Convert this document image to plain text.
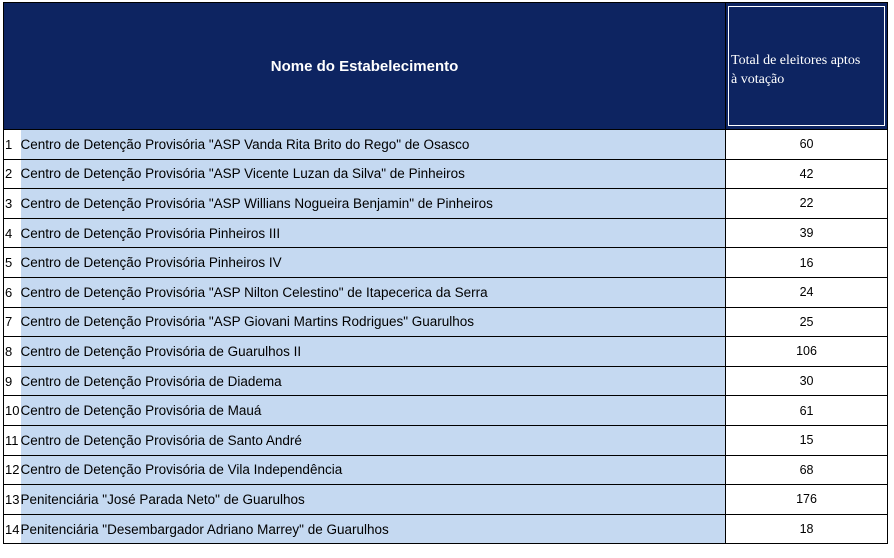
Nome do Estabelecimento		Total de eleitores aptos
à votação

1	Centro de Detenção Provisória "ASP Vanda Rita Brito do Rego" de Osasco	60
2	Centro de Detenção Provisória "ASP Vicente Luzan da Silva" de Pinheiros	42
3	Centro de Detenção Provisória "ASP Willians Nogueira Benjamin" de Pinheiros	22
4	Centro de Detenção Provisória Pinheiros III	39
5	Centro de Detenção Provisória Pinheiros IV	16
6	Centro de Detenção Provisória "ASP Nilton Celestino" de Itapecerica da Serra	24
7	Centro de Detenção Provisória "ASP Giovani Martins Rodrigues" Guarulhos	25
8	Centro de Detenção Provisória de Guarulhos II	106
9	Centro de Detenção Provisória de Diadema	30
10	Centro de Detenção Provisória de Mauá	61
11	Centro de Detenção Provisória de Santo André	15
12	Centro de Detenção Provisória de Vila Independência	68
13	Penitenciária "José Parada Neto" de Guarulhos	176
14	Penitenciária "Desembargador Adriano Marrey" de Guarulhos	18
